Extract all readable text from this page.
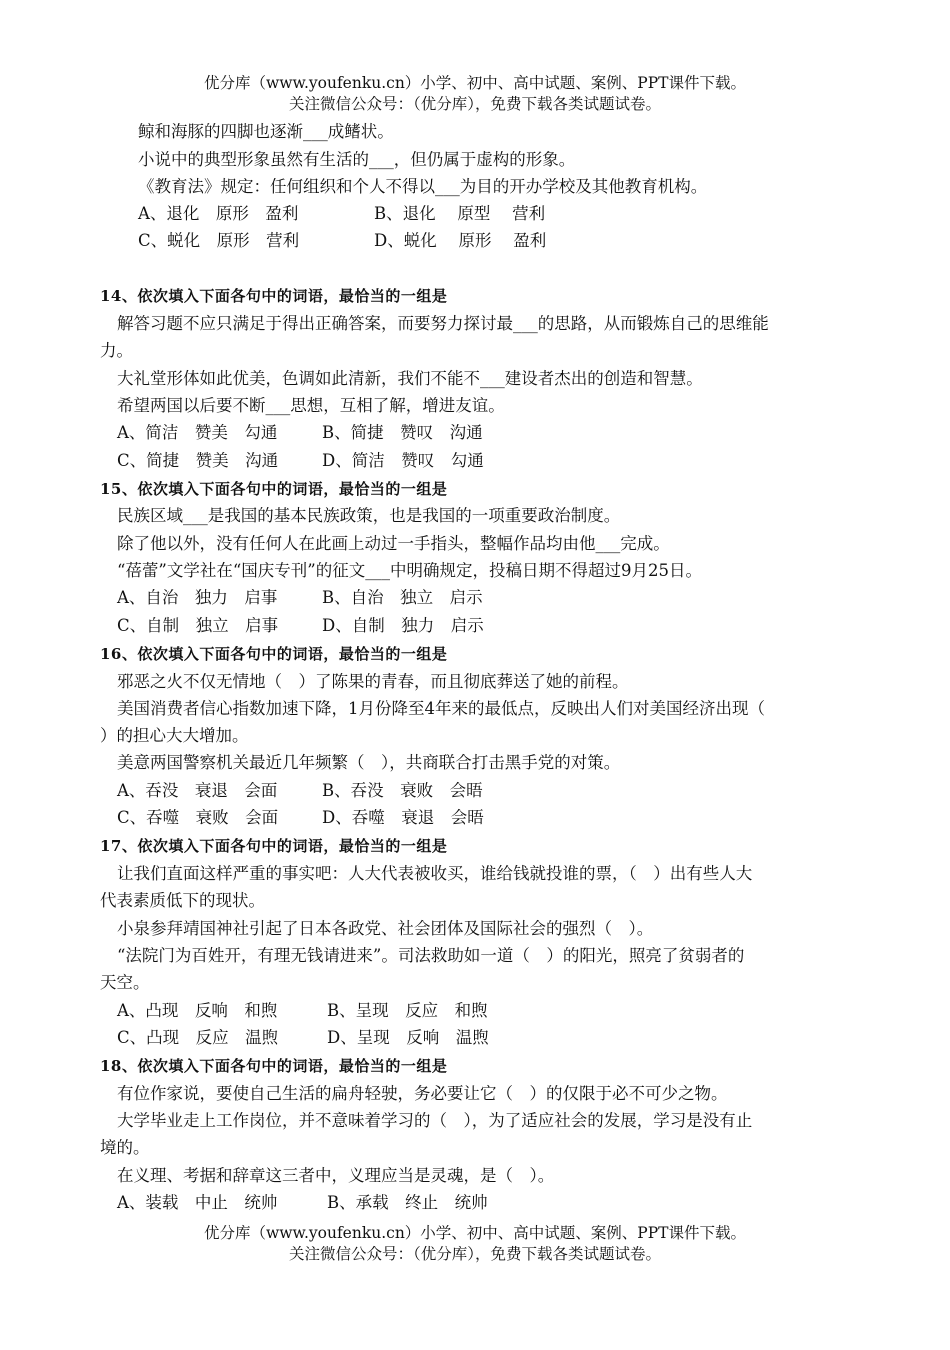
优分库（www.youfenku.cn）小学、初中、高中试题、案例、PPT课件下载。
关注微信公众号：（优分库），免费下载各类试题试卷。
鲸和海豚的四脚也逐渐___成鳍状。
小说中的典型形象虽然有生活的___，但仍属于虚构的形象。
《教育法》规定：任何组织和个人不得以___为目的开办学校及其他教育机构。
A、退化　原形　盈利	B、退化　 原型　 营利
C、蜕化　原形　营利	D、蜕化　 原形　 盈利
14、依次填入下面各句中的词语，最恰当的一组是
解答习题不应只满足于得出正确答案，而要努力探讨最___的思路，从而锻炼自己的思维能
力。
大礼堂形体如此优美，色调如此清新，我们不能不___建设者杰出的创造和智慧。
希望两国以后要不断___思想，互相了解，增进友谊。
A、简洁　赞美　勾通	B、简捷　赞叹　沟通
C、简捷　赞美　沟通	D、简洁　赞叹　勾通
15、依次填入下面各句中的词语，最恰当的一组是
民族区域___是我国的基本民族政策，也是我国的一项重要政治制度。
除了他以外，没有任何人在此画上动过一手指头，整幅作品均由他___完成。
“蓓蕾”文学社在“国庆专刊”的征文___中明确规定，投稿日期不得超过9月25日。
A、自治　独力　启事	B、自治　独立　启示
C、自制　独立　启事	D、自制　独力　启示
16、依次填入下面各句中的词语，最恰当的一组是
邪恶之火不仅无情地（　）了陈果的青春，而且彻底葬送了她的前程。
美国消费者信心指数加速下降，1月份降至4年来的最低点，反映出人们对美国经济出现（
）的担心大大增加。
美意两国警察机关最近几年频繁（　），共商联合打击黑手党的对策。
A、吞没　衰退　会面	B、吞没　衰败　会晤
C、吞噬　衰败　会面	D、吞噬　衰退　会晤
17、依次填入下面各句中的词语，最恰当的一组是
让我们直面这样严重的事实吧：人大代表被收买，谁给钱就投谁的票，（　）出有些人大
代表素质低下的现状。
小泉参拜靖国神社引起了日本各政党、社会团体及国际社会的强烈（　）。
“法院门为百姓开，有理无钱请进来”。司法救助如一道（　）的阳光，照亮了贫弱者的
天空。
A、凸现　反响　和煦	B、呈现　反应　和煦
C、凸现　反应　温煦	D、呈现　反响　温煦
18、依次填入下面各句中的词语，最恰当的一组是
有位作家说，要使自己生活的扁舟轻驶，务必要让它（　）的仅限于必不可少之物。
大学毕业走上工作岗位，并不意味着学习的（　），为了适应社会的发展，学习是没有止
境的。
在义理、考据和辞章这三者中，义理应当是灵魂，是（　）。
A、装载　中止　统帅	B、承载　终止　统帅
优分库（www.youfenku.cn）小学、初中、高中试题、案例、PPT课件下载。
关注微信公众号：（优分库），免费下载各类试题试卷。
